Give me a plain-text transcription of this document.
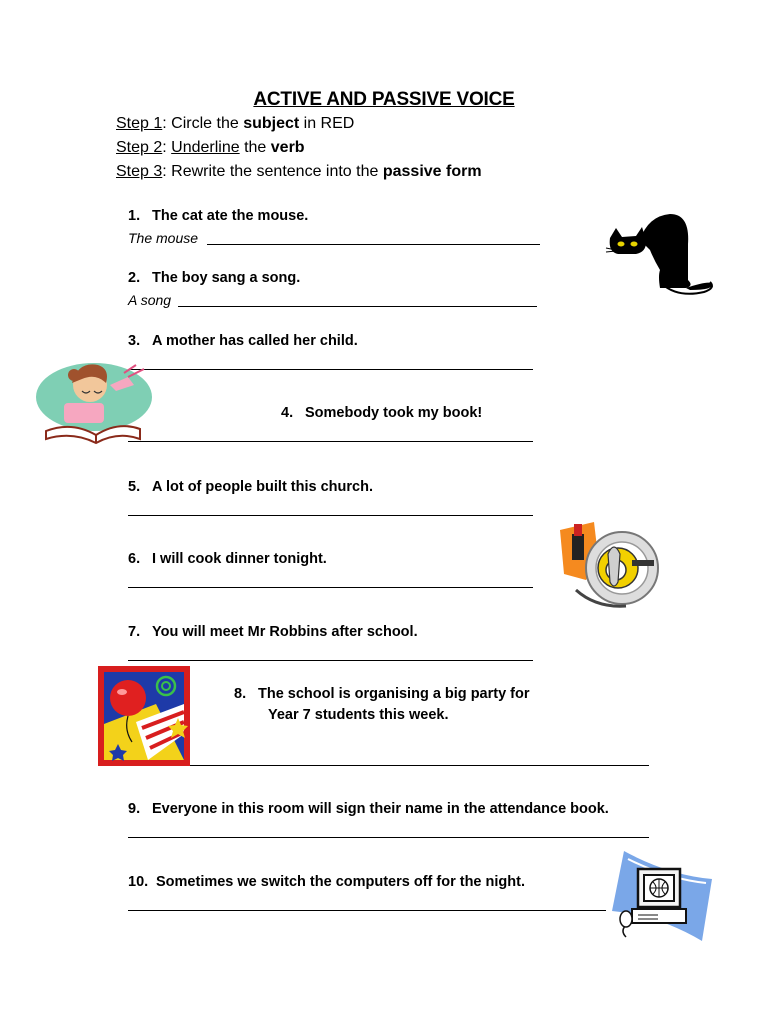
ACTIVE AND PASSIVE VOICE
Step 1: Circle the subject in RED
Step 2: Underline the verb
Step 3: Rewrite the sentence into the passive form
1. The cat ate the mouse.
The mouse
2. The boy sang a song.
A song
3. A mother has called her child.
4. Somebody took my book!
5. A lot of people built this church.
6. I will cook dinner tonight.
7. You will meet Mr Robbins after school.
8. The school is organising a big party for
Year 7 students this week.
9. Everyone in this room will sign their name in the attendance book.
10. Sometimes we switch the computers off for the night.
